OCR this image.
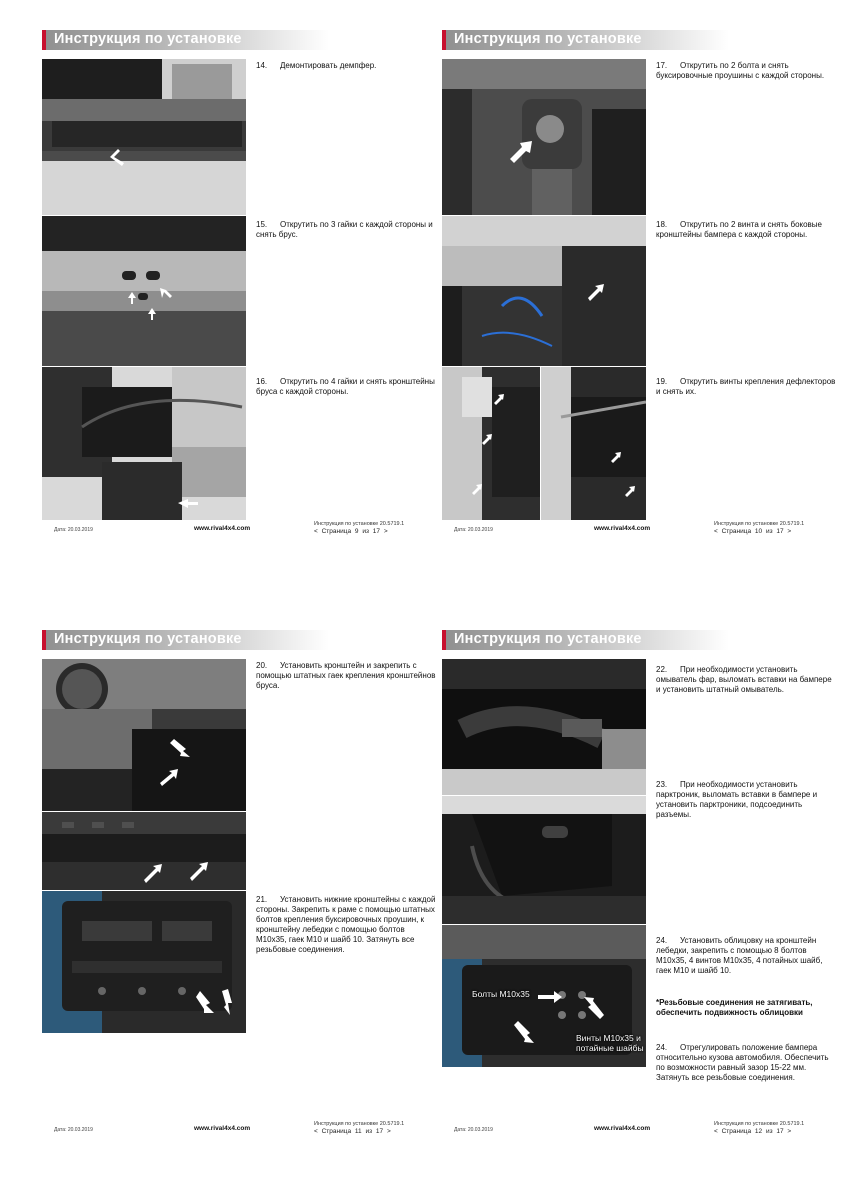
Инструкция по установке
14. Демонтировать демпфер.
15. Открутить по 3 гайки с каждой стороны и снять брус.
16. Открутить по 4 гайки и снять кронштейны бруса с каждой стороны.
Дата: 20.03.2019	www.rival4x4.com
Инструкция по установке 20.5719.1
< Страница 9 из 17 >
Инструкция по установке
17. Открутить по 2 болта и снять буксировочные проушины с каждой стороны.
18. Открутить по 2 винта и снять боковые кронштейны бампера с каждой стороны.
19. Открутить винты крепления дефлекторов и снять их.
Дата: 20.03.2019	www.rival4x4.com
Инструкция по установке 20.5719.1
< Страница 10 из 17 >
Инструкция по установке
20. Установить кронштейн и закрепить с помощью штатных гаек крепления кронштейнов бруса.
21. Установить нижние кронштейны с каждой стороны. Закрепить к раме с помощью штатных болтов крепления буксировочных проушин, к кронштейну лебедки с помощью болтов М10х35, гаек М10 и шайб 10. Затянуть все резьбовые соединения.
Дата: 20.03.2019	www.rival4x4.com
Инструкция по установке 20.5719.1
< Страница 11 из 17 >
Инструкция по установке
Болты М10х35
Винты М10х35 и
потайные шайбы
22. При необходимости установить омыватель фар, выломать вставки на бампере и установить штатный омыватель.
23. При необходимости установить парктроник, выломать вставки в бампере и установить парктроники, подсоединить разъемы.
24. Установить облицовку на кронштейн лебедки, закрепить с помощью 8 болтов М10х35, 4 винтов М10х35, 4 потайных шайб, гаек М10 и шайб 10.
*Резьбовые соединения не затягивать, обеспечить подвижность облицовки
24. Отрегулировать положение бампера относительно кузова автомобиля. Обеспечить по возможности равный зазор 15-22 мм. Затянуть все резьбовые соединения.
Дата: 20.03.2019	www.rival4x4.com
Инструкция по установке 20.5719.1
< Страница 12 из 17 >
